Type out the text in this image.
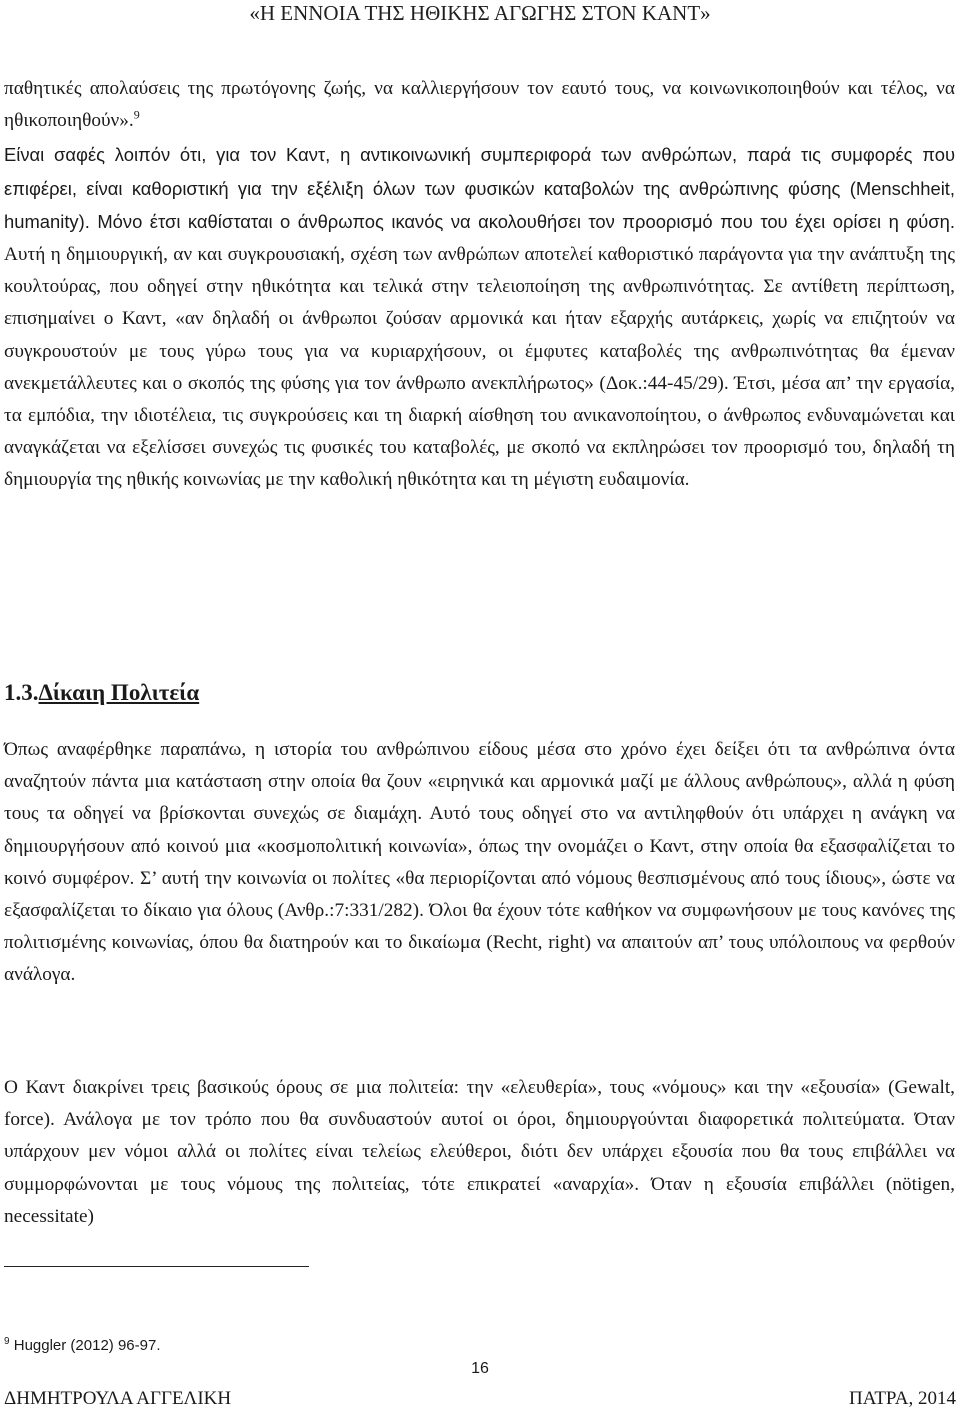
«Η ΕΝΝΟΙΑ ΤΗΣ ΗΘΙΚΗΣ ΑΓΩΓΗΣ ΣΤΟΝ ΚΑΝΤ»

παθητικές απολαύσεις της πρωτόγονης ζωής, να καλλιεργήσουν τον εαυτό τους, να κοινωνικοποιηθούν και τέλος, να ηθικοποιηθούν».$^9$

Είναι σαφές λοιπόν ότι, για τον Καντ, η αντικοινωνική συμπεριφορά των ανθρώπων, παρά τις συμφορές που επιφέρει, είναι καθοριστική για την εξέλιξη όλων των φυσικών καταβολών της ανθρώπινης φύσης (Menschheit, humanity). Μόνο έτσι καθίσταται ο άνθρωπος ικανός να ακολουθήσει τον προορισμό που του έχει ορίσει η φύση. Αυτή η δημιουργική, αν και συγκρουσιακή, σχέση των ανθρώπων αποτελεί καθοριστικό παράγοντα για την ανάπτυξη της κουλτούρας, που οδηγεί στην ηθικότητα και τελικά στην τελειοποίηση της ανθρωπινότητας. Σε αντίθετη περίπτωση, επισημαίνει ο Καντ, «αν δηλαδή οι άνθρωποι ζούσαν αρμονικά και ήταν εξαρχής αυτάρκεις, χωρίς να επιζητούν να συγκρουστούν με τους γύρω τους για να κυριαρχήσουν, οι έμφυτες καταβολές της ανθρωπινότητας θα έμεναν ανεκμετάλλευτες και ο σκοπός της φύσης για τον άνθρωπο ανεκπλήρωτος» (Δοκ.:44-45/29). Έτσι, μέσα απ’ την εργασία, τα εμπόδια, την ιδιοτέλεια, τις συγκρούσεις και τη διαρκή αίσθηση του ανικανοποίητου, ο άνθρωπος ενδυναμώνεται και αναγκάζεται να εξελίσσει συνεχώς τις φυσικές του καταβολές, με σκοπό να εκπληρώσει τον προορισμό του, δηλαδή τη δημιουργία της ηθικής κοινωνίας με την καθολική ηθικότητα και τη μέγιστη ευδαιμονία.

1.3.Δίκαιη Πολιτεία

Όπως αναφέρθηκε παραπάνω, η ιστορία του ανθρώπινου είδους μέσα στο χρόνο έχει δείξει ότι τα ανθρώπινα όντα αναζητούν πάντα μια κατάσταση στην οποία θα ζουν «ειρηνικά και αρμονικά μαζί με άλλους ανθρώπους», αλλά η φύση τους τα οδηγεί να βρίσκονται συνεχώς σε διαμάχη. Αυτό τους οδηγεί στο να αντιληφθούν ότι υπάρχει η ανάγκη να δημιουργήσουν από κοινού μια «κοσμοπολιτική κοινωνία», όπως την ονομάζει ο Καντ, στην οποία θα εξασφαλίζεται το κοινό συμφέρον. Σ’ αυτή την κοινωνία οι πολίτες «θα περιορίζονται από νόμους θεσπισμένους από τους ίδιους», ώστε να εξασφαλίζεται το δίκαιο για όλους (Ανθρ.:7:331/282). Όλοι θα έχουν τότε καθήκον να συμφωνήσουν με τους κανόνες της πολιτισμένης κοινωνίας, όπου θα διατηρούν και το δικαίωμα (Recht, right) να απαιτούν απ’ τους υπόλοιπους να φερθούν ανάλογα.

Ο Καντ διακρίνει τρεις βασικούς όρους σε μια πολιτεία: την «ελευθερία», τους «νόμους» και την «εξουσία» (Gewalt, force). Ανάλογα με τον τρόπο που θα συνδυαστούν αυτοί οι όροι, δημιουργούνται διαφορετικά πολιτεύματα. Όταν υπάρχουν μεν νόμοι αλλά οι πολίτες είναι τελείως ελεύθεροι, διότι δεν υπάρχει εξουσία που θα τους επιβάλλει να συμμορφώνονται με τους νόμους της πολιτείας, τότε επικρατεί «αναρχία». Όταν η εξουσία επιβάλλει (nötigen, necessitate)

$^9$ Huggler (2012) 96-97.
16
ΔΗΜΗΤΡΟΥΛΑ ΑΓΓΕΛΙΚΗ	ΠΑΤΡΑ, 2014
